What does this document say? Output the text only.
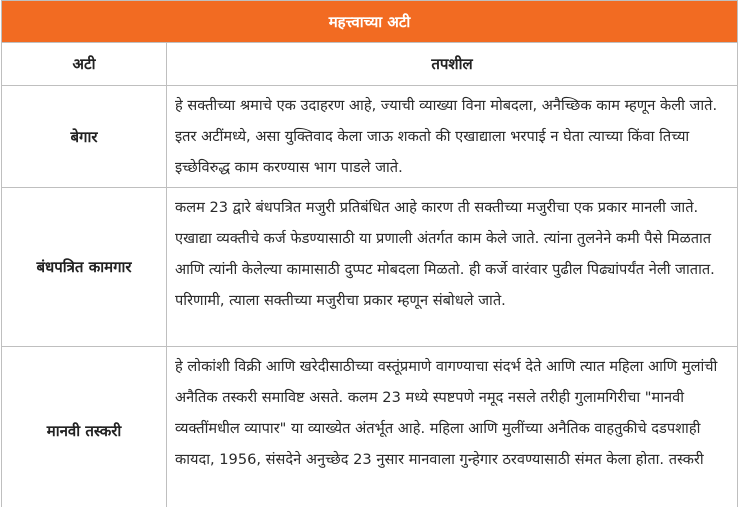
महत्त्वाच्या अटी	
अटी	तपशील
बेगार	हे सक्तीच्या श्रमाचे एक उदाहरण आहे, ज्याची व्याख्या विना मोबदला, अनैच्छिक काम म्हणून केली जाते. इतर अटींमध्ये, असा युक्तिवाद केला जाऊ शकतो की एखाद्याला भरपाई न घेता त्याच्या किंवा तिच्या इच्छेविरुद्ध काम करण्यास भाग पाडले जाते.
बंधपत्रित कामगार	कलम 23 द्वारे बंधपत्रित मजुरी प्रतिबंधित आहे कारण ती सक्तीच्या मजुरीचा एक प्रकार मानली जाते. एखाद्या व्यक्तीचे कर्ज फेडण्यासाठी या प्रणाली अंतर्गत काम केले जाते. त्यांना तुलनेने कमी पैसे मिळतात आणि त्यांनी केलेल्या कामासाठी दुप्पट मोबदला मिळतो. ही कर्जे वारंवार पुढील पिढ्यांपर्यंत नेली जातात. परिणामी, त्याला सक्तीच्या मजुरीचा प्रकार म्हणून संबोधले जाते.
मानवी तस्करी	हे लोकांशी विक्री आणि खरेदीसाठीच्या वस्तूंप्रमाणे वागण्याचा संदर्भ देते आणि त्यात महिला आणि मुलांची अनैतिक तस्करी समाविष्ट असते. कलम 23 मध्ये स्पष्टपणे नमूद नसले तरीही गुलामगिरीचा "मानवी व्यक्तींमधील व्यापार" या व्याख्येत अंतर्भूत आहे. महिला आणि मुलींच्या अनैतिक वाहतुकीचे दडपशाही कायदा, 1956, संसदेने अनुच्छेद 23 नुसार मानवाला गुन्हेगार ठरवण्यासाठी संमत केला होता. तस्करी
